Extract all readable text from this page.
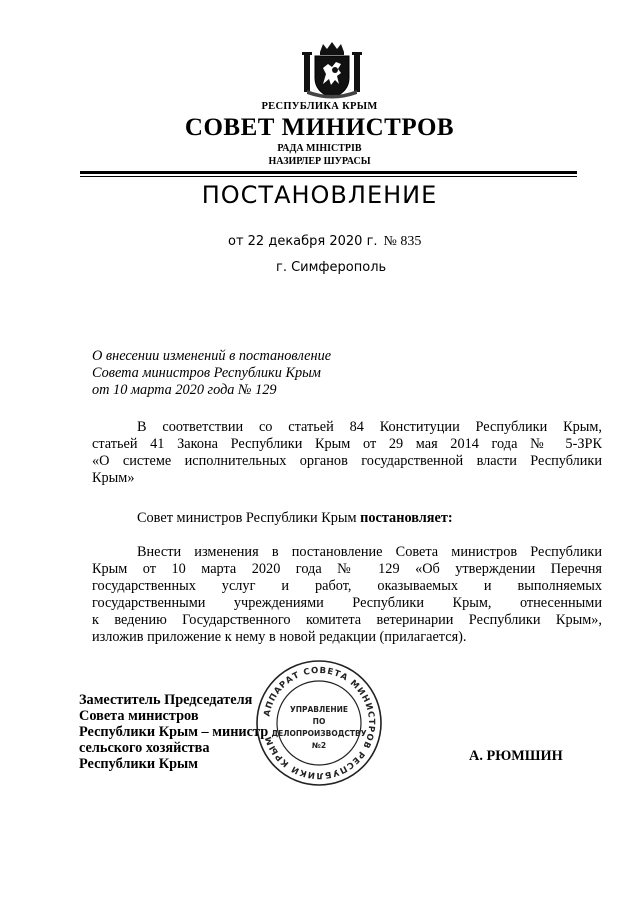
РЕСПУБЛИКА КРЫМ
СОВЕТ МИНИСТРОВ
РАДА МІНІСТРІВ
НАЗИРЛЕР ШУРАСЫ
ПОСТАНОВЛЕНИЕ
от 22 декабря 2020 г. № 835
г. Симферополь
О внесении изменений в постановление
Совета министров Республики Крым
от 10 марта 2020 года № 129
В соответствии со статьей 84 Конституции Республики Крым,
статьей 41 Закона Республики Крым от 29 мая 2014 года № 5-ЗРК
«О системе исполнительных органов государственной власти Республики
Крым»
Совет министров Республики Крым постановляет:
Внести изменения в постановление Совета министров Республики
Крым от 10 марта 2020 года № 129 «Об утверждении Перечня
государственных услуг и работ, оказываемых и выполняемых
государственными учреждениями Республики Крым, отнесенными
к ведению Государственного комитета ветеринарии Республики Крым»,
изложив приложение к нему в новой редакции (прилагается).
Заместитель Председателя
Совета министров
Республики Крым – министр
сельского хозяйства
Республики Крым	А. РЮМШИН
АППАРАТ СОВЕТА МИНИСТРОВ РЕСПУБЛИКИ КРЫМ
УПРАВЛЕНИЕ
ПО
ДЕЛОПРОИЗВОДСТВУ
№2
